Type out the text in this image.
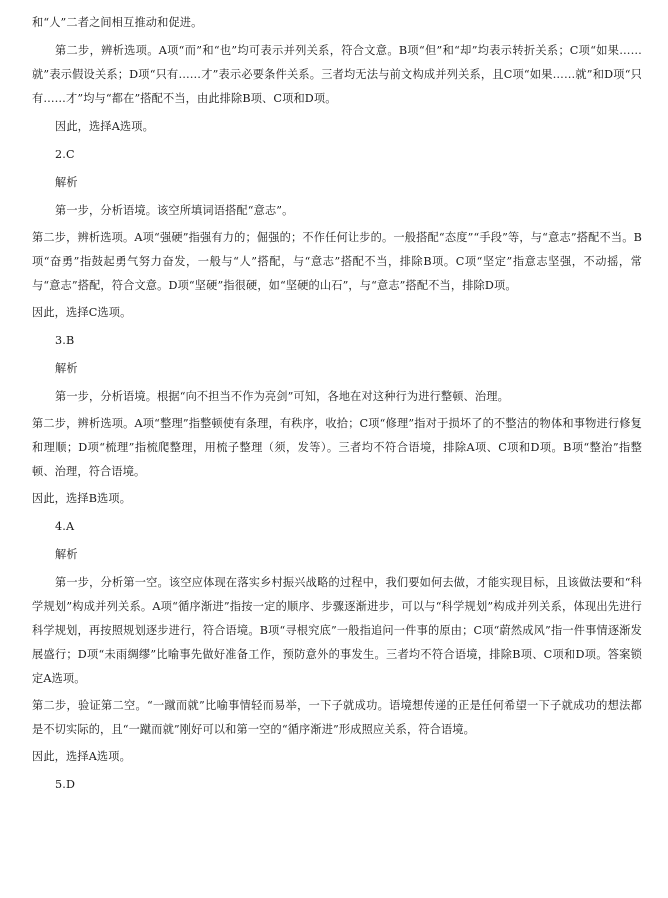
和“人”二者之间相互推动和促进。

第二步，辨析选项。A项“而”和“也”均可表示并列关系，符合文意。B项“但”和“却”均表示转折关系；C项“如果……就”表示假设关系；D项“只有……才”表示必要条件关系。三者均无法与前文构成并列关系，且C项“如果……就”和D项“只有……才”均与“都在”搭配不当，由此排除B项、C项和D项。

因此，选择A选项。

2.C

解析

第一步，分析语境。该空所填词语搭配“意志”。

第二步，辨析选项。A项“强硬”指强有力的；倔强的；不作任何让步的。一般搭配“态度”“手段”等，与“意志”搭配不当。B项“奋勇”指鼓起勇气努力奋发，一般与“人”搭配，与“意志”搭配不当，排除B项。C项“坚定”指意志坚强，不动摇，常与“意志”搭配，符合文意。D项“坚硬”指很硬，如“坚硬的山石”，与“意志”搭配不当，排除D项。

因此，选择C选项。

3.B

解析

第一步，分析语境。根据“向不担当不作为亮剑”可知，各地在对这种行为进行整顿、治理。

第二步，辨析选项。A项“整理”指整顿使有条理，有秩序，收拾；C项“修理”指对于损坏了的不整洁的物体和事物进行修复和理顺；D项“梳理”指梳爬整理，用梳子整理（须，发等）。三者均不符合语境，排除A项、C项和D项。B项“整治”指整顿、治理，符合语境。

因此，选择B选项。

4.A

解析

第一步，分析第一空。该空应体现在落实乡村振兴战略的过程中，我们要如何去做，才能实现目标，且该做法要和“科学规划”构成并列关系。A项“循序渐进”指按一定的顺序、步骤逐渐进步，可以与“科学规划”构成并列关系，体现出先进行科学规划，再按照规划逐步进行，符合语境。B项“寻根究底”一般指追问一件事的原由；C项“蔚然成风”指一件事情逐渐发展盛行；D项“未雨绸缪”比喻事先做好准备工作，预防意外的事发生。三者均不符合语境，排除B项、C项和D项。答案锁定A选项。

第二步，验证第二空。“一蹴而就”比喻事情轻而易举，一下子就成功。语境想传递的正是任何希望一下子就成功的想法都是不切实际的，且“一蹴而就”刚好可以和第一空的“循序渐进”形成照应关系，符合语境。

因此，选择A选项。

5.D
